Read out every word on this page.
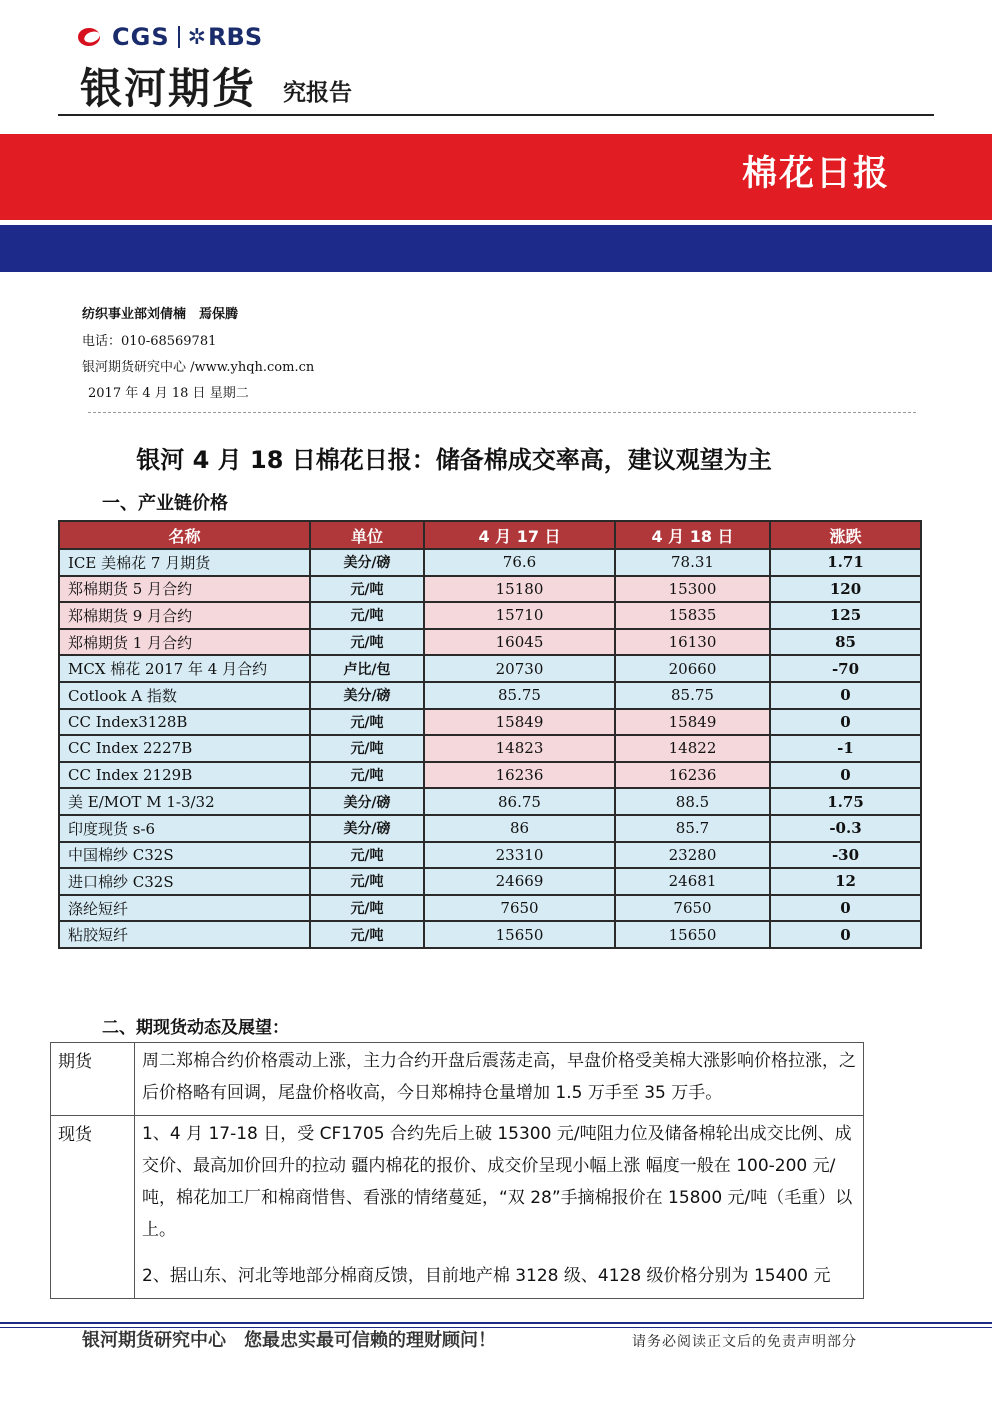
CGS ✲ RBS
银河期货 究报告
棉花日报
纺织事业部刘倩楠　焉保腾
电话：010-68569781
银河期货研究中心 /www.yhqh.com.cn
2017 年 4 月 18 日 星期二
银河 4 月 18 日棉花日报：储备棉成交率高，建议观望为主
一、产业链价格
名称	单位	4 月 17 日	4 月 18 日	涨跌
ICE 美棉花 7 月期货	美分/磅	76.6	78.31	1.71
郑棉期货 5 月合约	元/吨	15180	15300	120
郑棉期货 9 月合约	元/吨	15710	15835	125
郑棉期货 1 月合约	元/吨	16045	16130	85
MCX 棉花 2017 年 4 月合约	卢比/包	20730	20660	-70
Cotlook A 指数	美分/磅	85.75	85.75	0
CC Index3128B	元/吨	15849	15849	0
CC Index 2227B	元/吨	14823	14822	-1
CC Index 2129B	元/吨	16236	16236	0
美 E/MOT M 1-3/32	美分/磅	86.75	88.5	1.75
印度现货 s-6	美分/磅	86	85.7	-0.3
中国棉纱 C32S	元/吨	23310	23280	-30
进口棉纱 C32S	元/吨	24669	24681	12
涤纶短纤	元/吨	7650	7650	0
粘胶短纤	元/吨	15650	15650	0
二、期现货动态及展望：
期货	周二郑棉合约价格震动上涨，主力合约开盘后震荡走高，早盘价格受美棉大涨影响价格拉涨，之后价格略有回调，尾盘价格收高，今日郑棉持仓量增加 1.5 万手至 35 万手。
现货	1、4 月 17-18 日，受 CF1705 合约先后上破 15300 元/吨阻力位及储备棉轮出成交比例、成交价、最高加价回升的拉动 疆内棉花的报价、成交价呈现小幅上涨 幅度一般在 100-200 元/吨，棉花加工厂和棉商惜售、看涨的情绪蔓延，“双 28”手摘棉报价在 15800 元/吨（毛重）以上。

2、据山东、河北等地部分棉商反馈，目前地产棉 3128 级、4128 级价格分别为 15400 元

银河期货研究中心　您最忠实最可信赖的理财顾问！	请务必阅读正文后的免责声明部分
